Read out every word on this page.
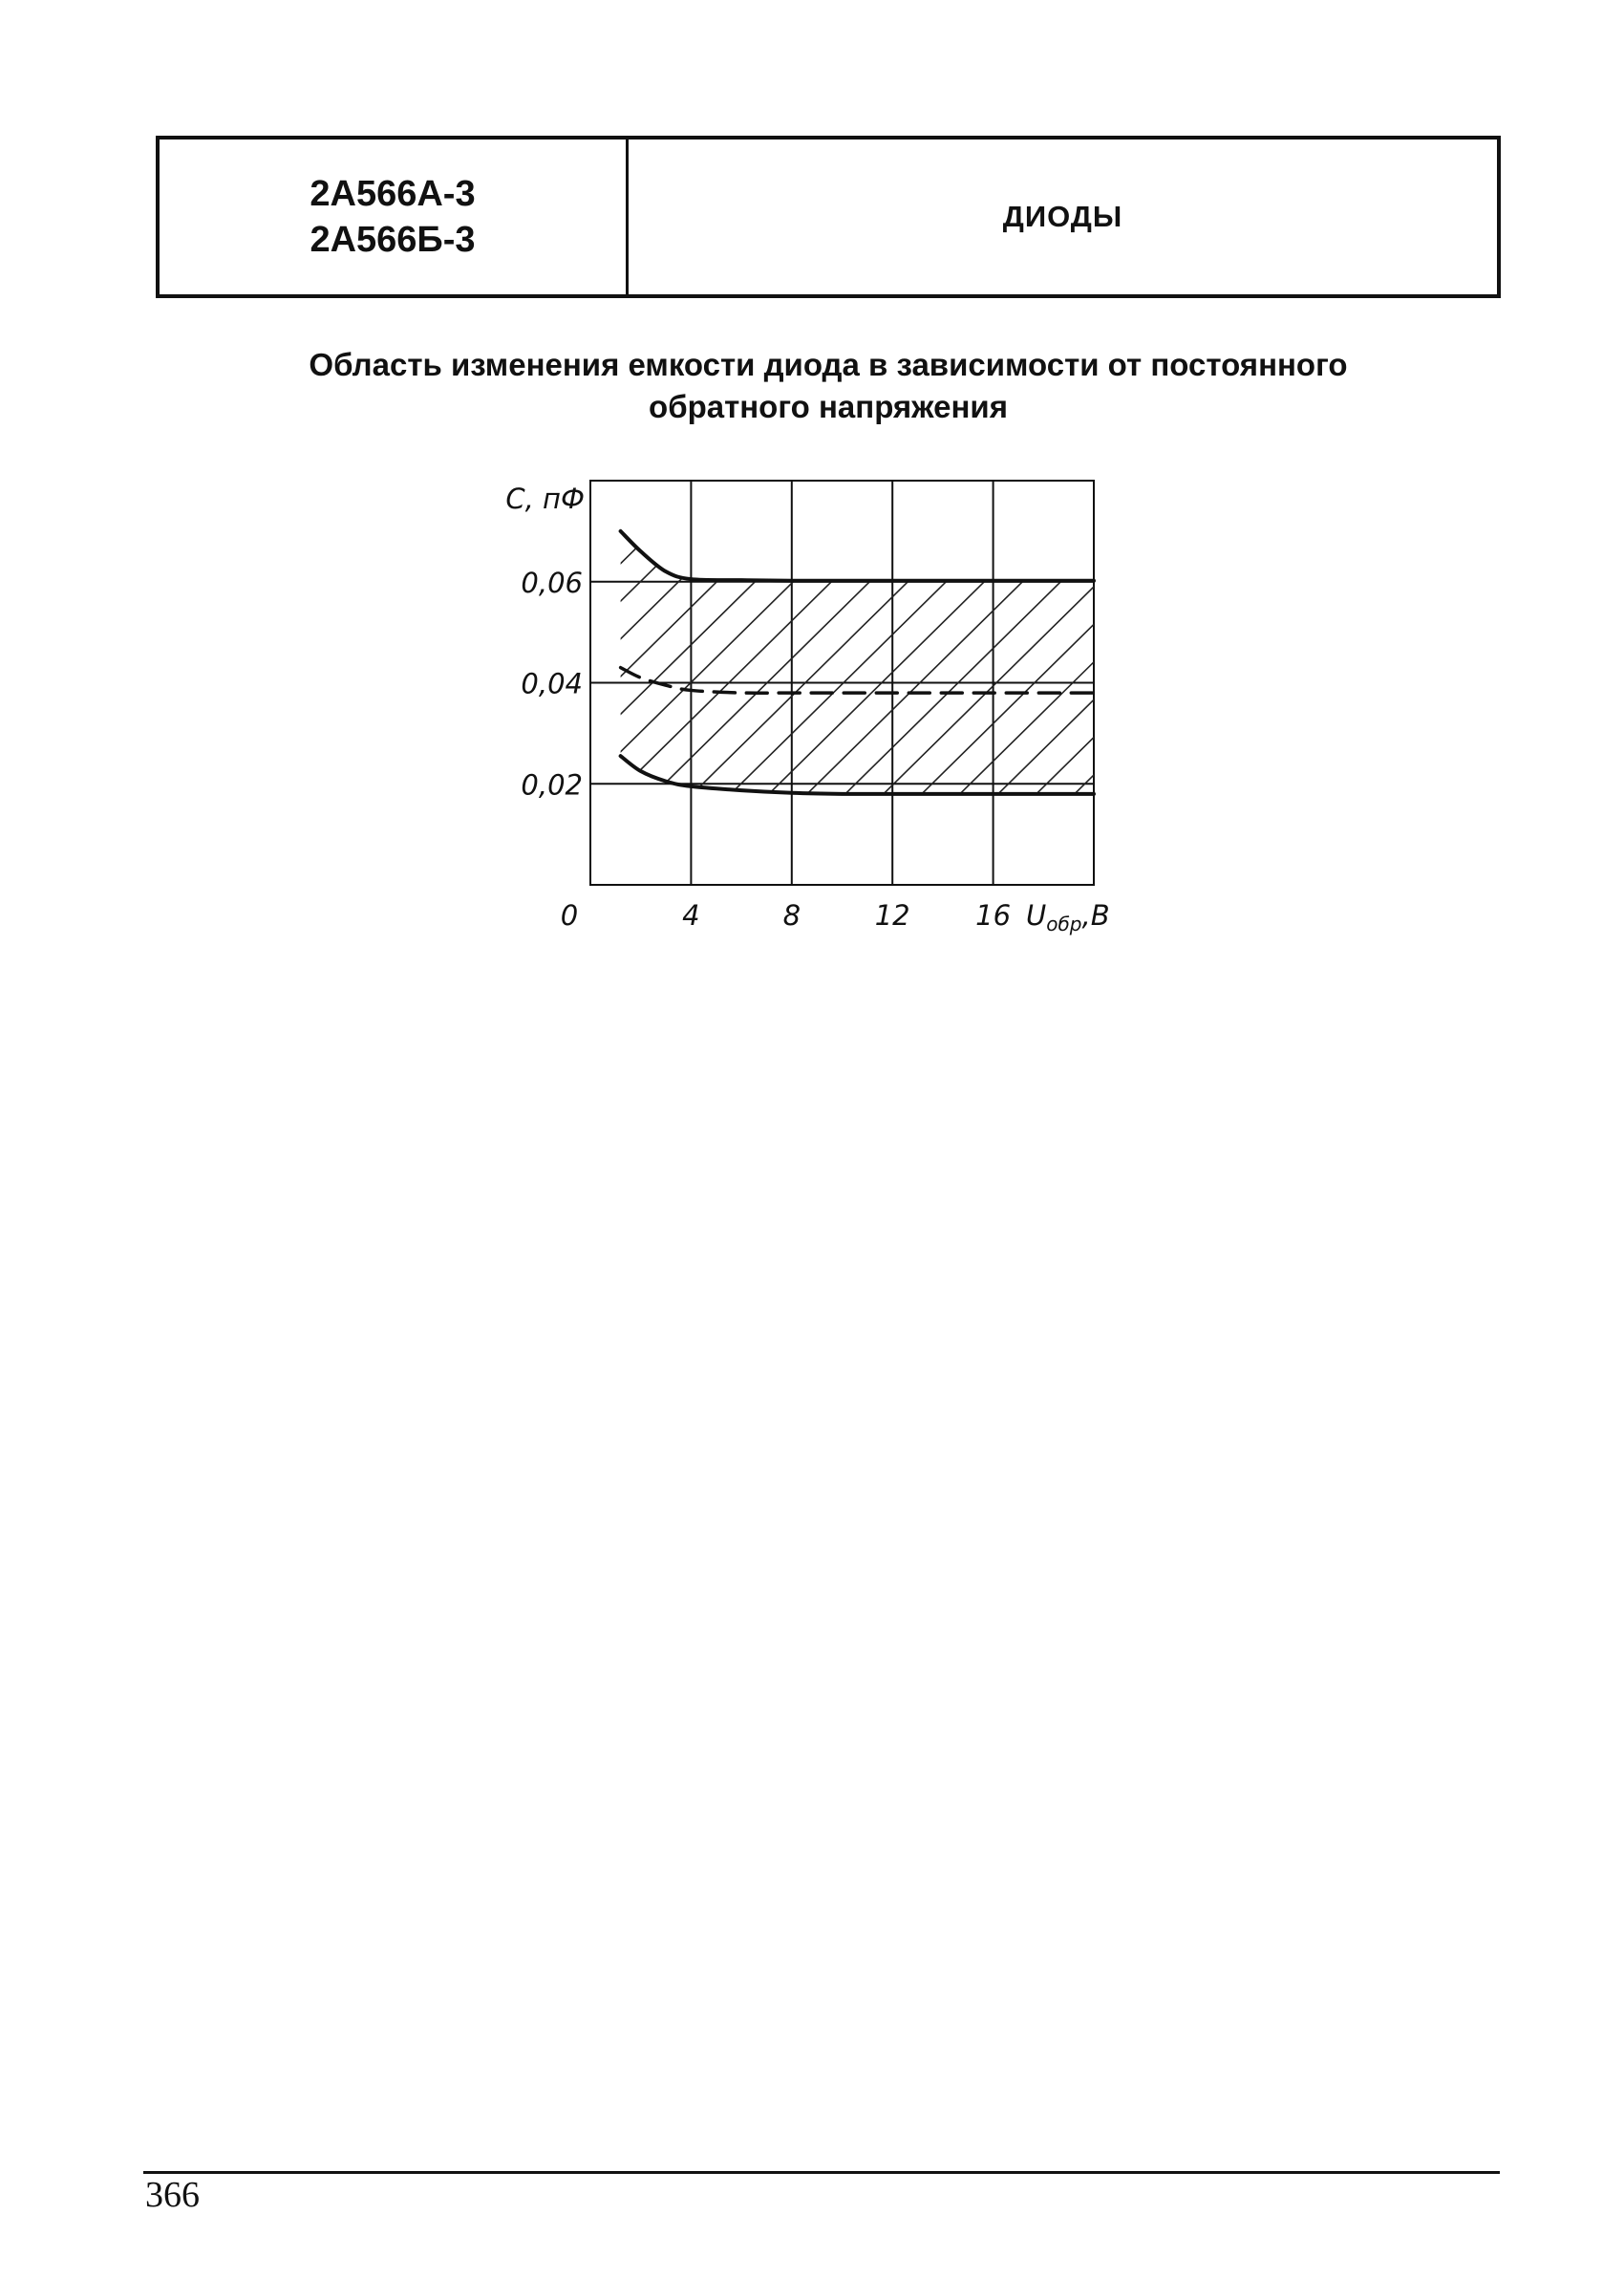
2А566А-3
2А566Б-3
ДИОДЫ
Область изменения емкости диода в зависимости от постоянного
обратного напряжения
0,02
0,04
0,06
4	8	12 16
0
С, пФ
$U_{обр},В$
366
